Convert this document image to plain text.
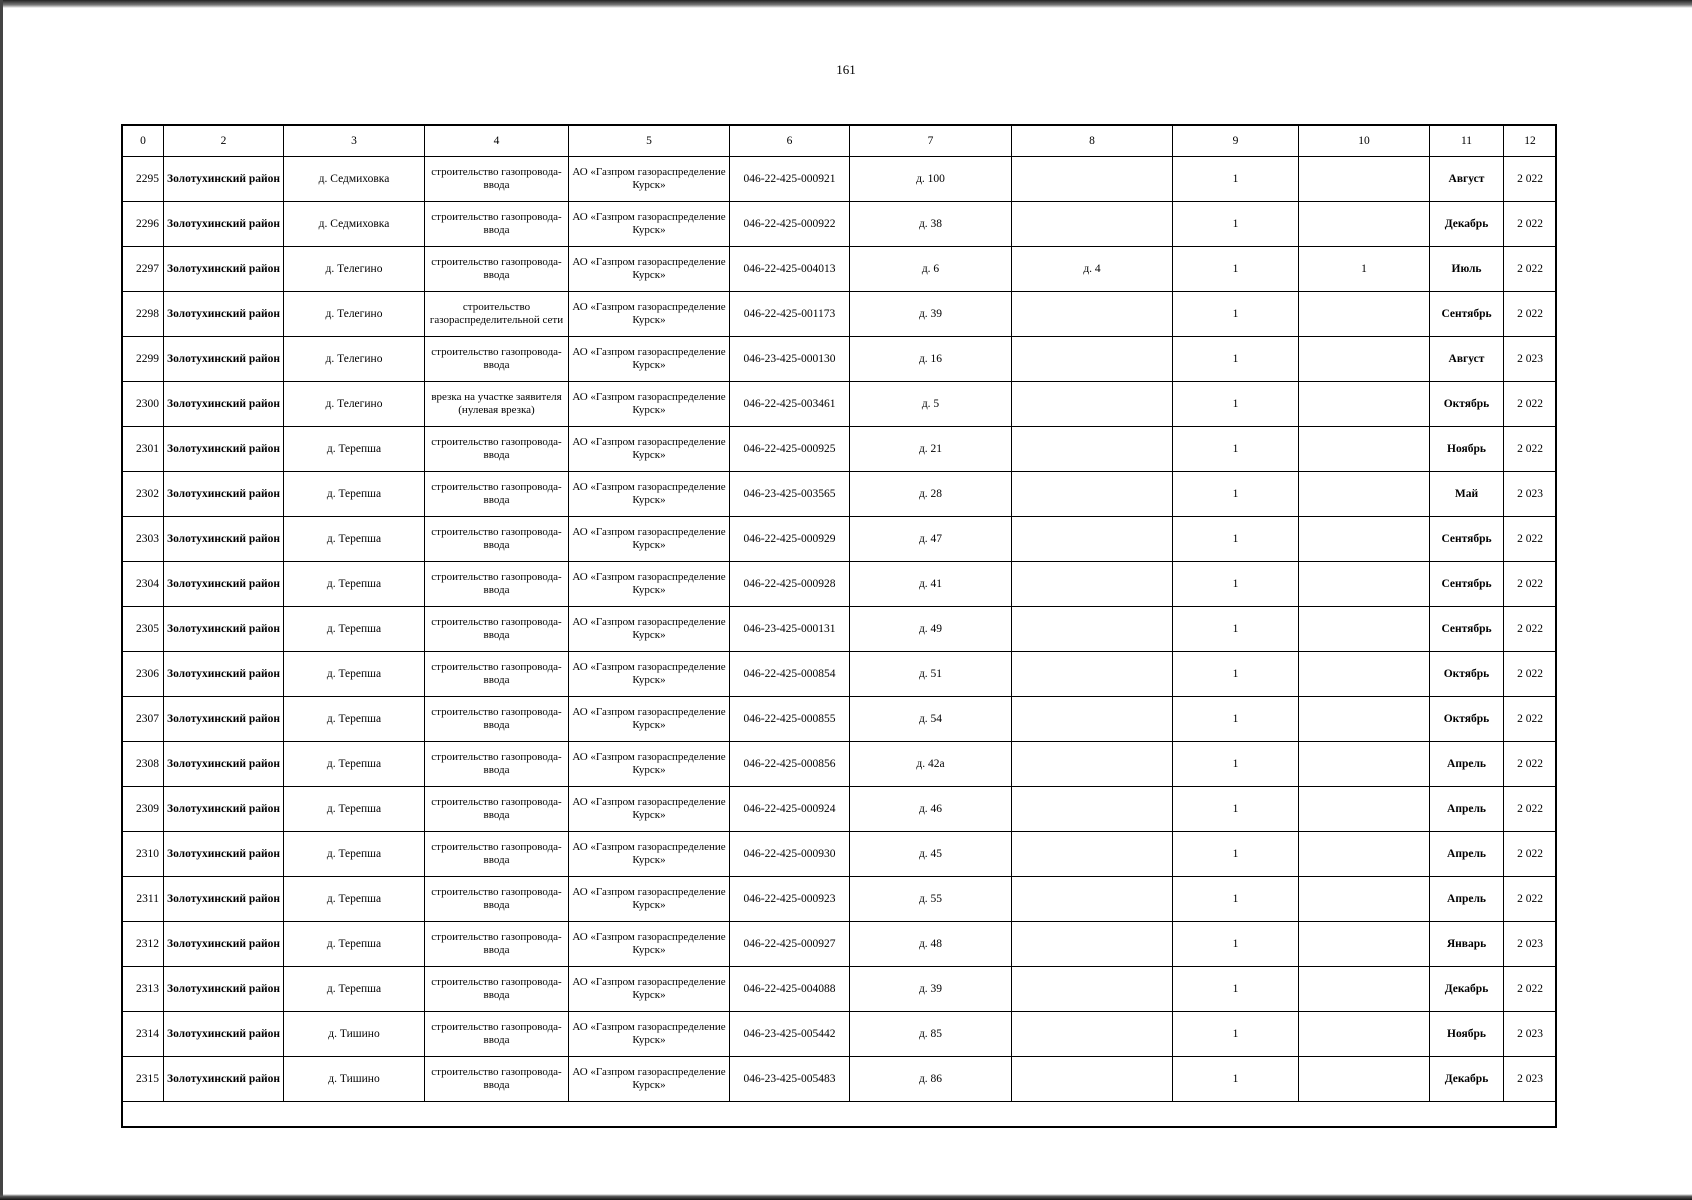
161
0	2	3	4	5	6	7	8	9	10	11	12
2295	Золотухинский район	д. Седмиховка	строительство газопровода-ввода	АО «Газпром газораспределение Курск»	046-22-425-000921	д. 100		1		Август	2 022
2296	Золотухинский район	д. Седмиховка	строительство газопровода-ввода	АО «Газпром газораспределение Курск»	046-22-425-000922	д. 38		1		Декабрь	2 022
2297	Золотухинский район	д. Телегино	строительство газопровода-ввода	АО «Газпром газораспределение Курск»	046-22-425-004013	д. 6	д. 4	1	1	Июль	2 022
2298	Золотухинский район	д. Телегино	строительство газораспределительной сети	АО «Газпром газораспределение Курск»	046-22-425-001173	д. 39		1		Сентябрь	2 022
2299	Золотухинский район	д. Телегино	строительство газопровода-ввода	АО «Газпром газораспределение Курск»	046-23-425-000130	д. 16		1		Август	2 023
2300	Золотухинский район	д. Телегино	врезка на участке заявителя (нулевая врезка)	АО «Газпром газораспределение Курск»	046-22-425-003461	д. 5		1		Октябрь	2 022
2301	Золотухинский район	д. Терепша	строительство газопровода-ввода	АО «Газпром газораспределение Курск»	046-22-425-000925	д. 21		1		Ноябрь	2 022
2302	Золотухинский район	д. Терепша	строительство газопровода-ввода	АО «Газпром газораспределение Курск»	046-23-425-003565	д. 28		1		Май	2 023
2303	Золотухинский район	д. Терепша	строительство газопровода-ввода	АО «Газпром газораспределение Курск»	046-22-425-000929	д. 47		1		Сентябрь	2 022
2304	Золотухинский район	д. Терепша	строительство газопровода-ввода	АО «Газпром газораспределение Курск»	046-22-425-000928	д. 41		1		Сентябрь	2 022
2305	Золотухинский район	д. Терепша	строительство газопровода-ввода	АО «Газпром газораспределение Курск»	046-23-425-000131	д. 49		1		Сентябрь	2 022
2306	Золотухинский район	д. Терепша	строительство газопровода-ввода	АО «Газпром газораспределение Курск»	046-22-425-000854	д. 51		1		Октябрь	2 022
2307	Золотухинский район	д. Терепша	строительство газопровода-ввода	АО «Газпром газораспределение Курск»	046-22-425-000855	д. 54		1		Октябрь	2 022
2308	Золотухинский район	д. Терепша	строительство газопровода-ввода	АО «Газпром газораспределение Курск»	046-22-425-000856	д. 42а		1		Апрель	2 022
2309	Золотухинский район	д. Терепша	строительство газопровода-ввода	АО «Газпром газораспределение Курск»	046-22-425-000924	д. 46		1		Апрель	2 022
2310	Золотухинский район	д. Терепша	строительство газопровода-ввода	АО «Газпром газораспределение Курск»	046-22-425-000930	д. 45		1		Апрель	2 022
2311	Золотухинский район	д. Терепша	строительство газопровода-ввода	АО «Газпром газораспределение Курск»	046-22-425-000923	д. 55		1		Апрель	2 022
2312	Золотухинский район	д. Терепша	строительство газопровода-ввода	АО «Газпром газораспределение Курск»	046-22-425-000927	д. 48		1		Январь	2 023
2313	Золотухинский район	д. Терепша	строительство газопровода-ввода	АО «Газпром газораспределение Курск»	046-22-425-004088	д. 39		1		Декабрь	2 022
2314	Золотухинский район	д. Тишино	строительство газопровода-ввода	АО «Газпром газораспределение Курск»	046-23-425-005442	д. 85		1		Ноябрь	2 023
2315	Золотухинский район	д. Тишино	строительство газопровода-ввода	АО «Газпром газораспределение Курск»	046-23-425-005483	д. 86		1		Декабрь	2 023
